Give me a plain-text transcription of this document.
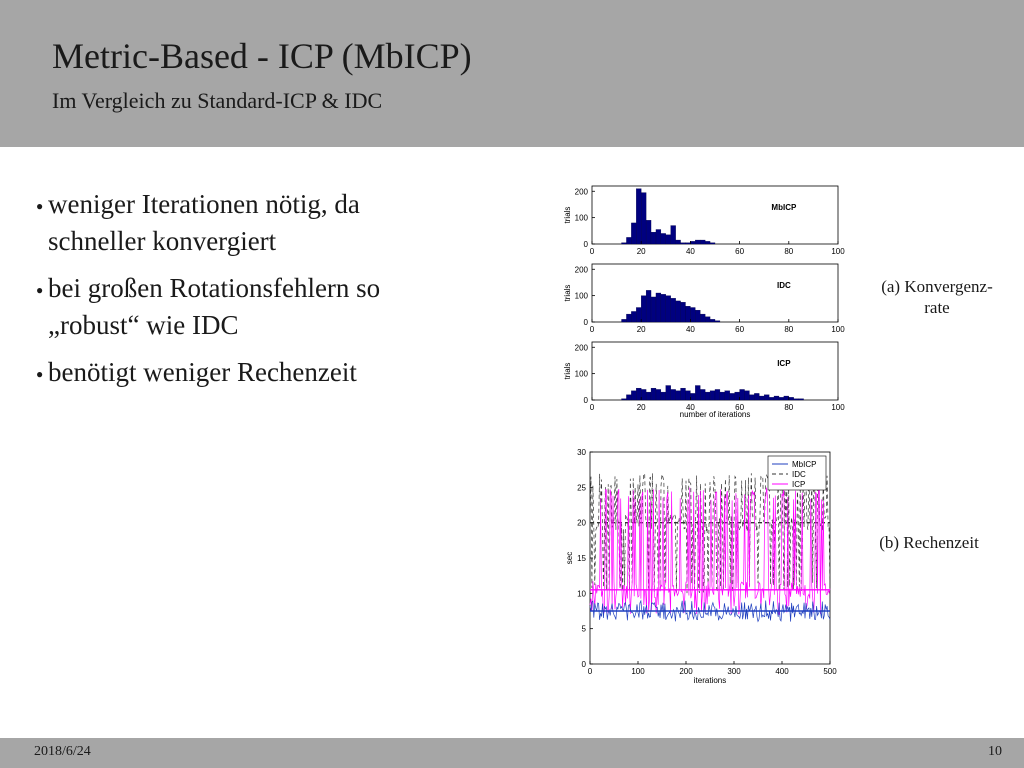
Metric-Based - ICP (MbICP)
Im Vergleich zu Standard-ICP & IDC
● weniger Iterationen nötig, da
schneller konvergiert
● bei großen Rotationsfehlern so
„robust“ wie IDC
● benötigt weniger Rechenzeit
0	20	40	60	80	100
0
100
200
trials	MbICP
0	20	40	60	80	100
0
100
200
trials	IDC
0	20	40	60	80	100
0
100
200
trials	ICP
number of iterations
0
5
10
15
20
25
30
0	100	200	300	400	500
iterations
sec
MbICP
IDC
ICP
(a) Konvergenz-
rate
(b) Rechenzeit
2018/6/24	10
